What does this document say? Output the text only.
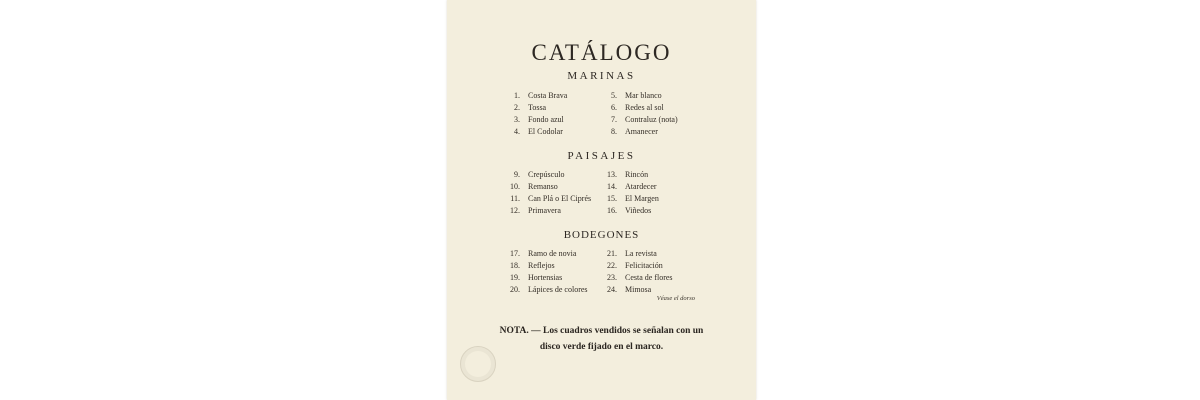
CATÁLOGO
MARINAS
1. Costa Brava
2. Tossa
3. Fondo azul
4. El Codolar
5. Mar blanco
6. Redes al sol
7. Contraluz (nota)
8. Amanecer
PAISAJES
9. Crepúsculo
10. Remanso
11. Can Plá o El Ciprés
12. Primavera
13. Rincón
14. Atardecer
15. El Margen
16. Viñedos
BODEGONES
17. Ramo de novia
18. Reflejos
19. Hortensias
20. Lápices de colores
21. La revista
22. Felicitación
23. Cesta de flores
24. Mimosa
Véase el dorso
NOTA. — Los cuadros vendidos se señalan con un
disco verde fijado en el marco.
